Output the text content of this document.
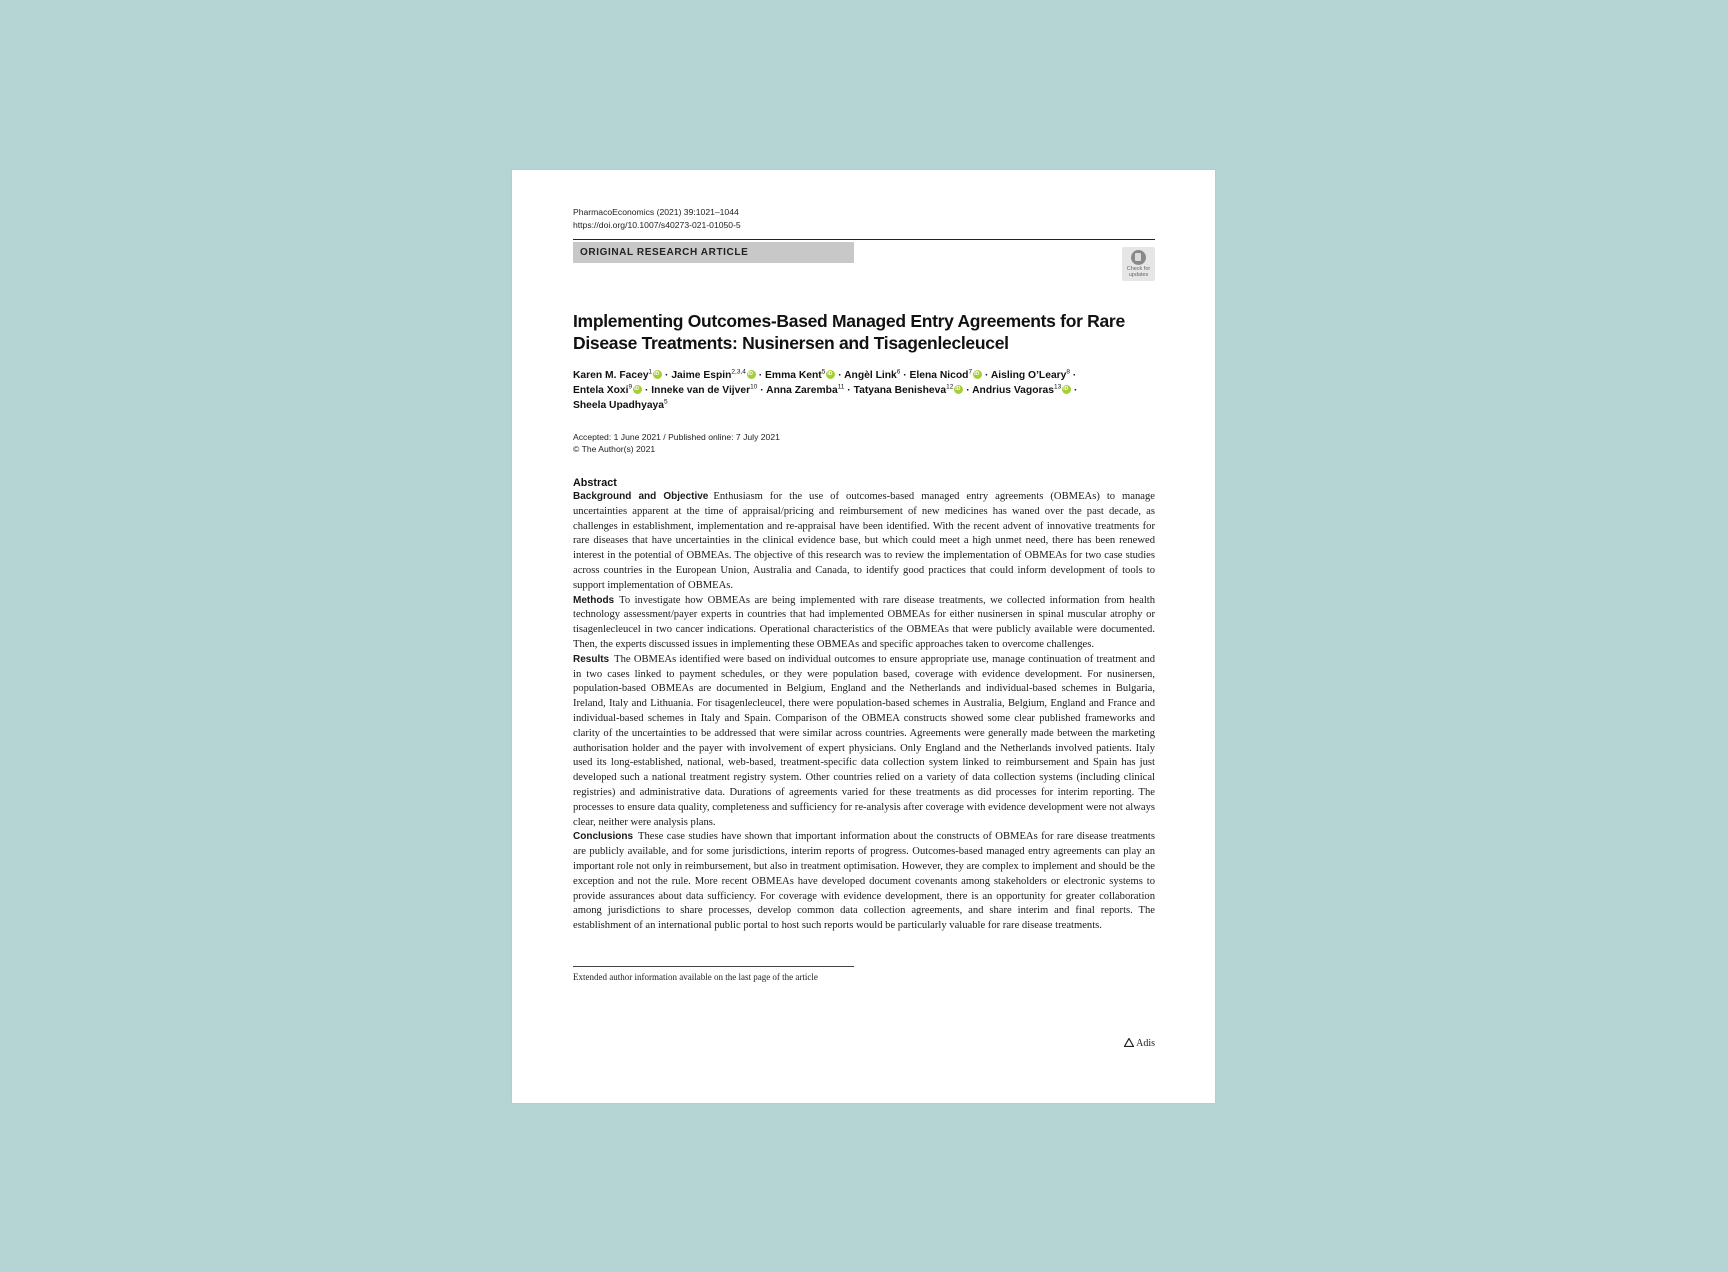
PharmacoEconomics (2021) 39:1021–1044
https://doi.org/10.1007/s40273-021-01050-5
ORIGINAL RESEARCH ARTICLE
Check for
updates
Implementing Outcomes-Based Managed Entry Agreements for Rare Disease Treatments: Nusinersen and Tisagenlecleucel
Karen M. Facey$^1$iD · Jaime Espin$^{2,3,4}$iD · Emma Kent$^5$iD · Angèl Link$^6$ · Elena Nicod$^7$iD · Aisling O’Leary$^8$ ·
Entela Xoxi$^9$iD · Inneke van de Vijver$^{10}$ · Anna Zaremba$^{11}$ · Tatyana Benisheva$^{12}$iD · Andrius Vagoras$^{13}$iD ·
Sheela Upadhyaya$^5$
Accepted: 1 June 2021 / Published online: 7 July 2021
© The Author(s) 2021
Abstract
Background and Objective Enthusiasm for the use of outcomes-based managed entry agreements (OBMEAs) to manage uncertainties apparent at the time of appraisal/pricing and reimbursement of new medicines has waned over the past decade, as challenges in establishment, implementation and re-appraisal have been identified. With the recent advent of innovative treatments for rare diseases that have uncertainties in the clinical evidence base, but which could meet a high unmet need, there has been renewed interest in the potential of OBMEAs. The objective of this research was to review the implementation of OBMEAs for two case studies across countries in the European Union, Australia and Canada, to identify good practices that could inform development of tools to support implementation of OBMEAs.
Methods To investigate how OBMEAs are being implemented with rare disease treatments, we collected information from health technology assessment/payer experts in countries that had implemented OBMEAs for either nusinersen in spinal muscular atrophy or tisagenlecleucel in two cancer indications. Operational characteristics of the OBMEAs that were publicly available were documented. Then, the experts discussed issues in implementing these OBMEAs and specific approaches taken to overcome challenges.
Results The OBMEAs identified were based on individual outcomes to ensure appropriate use, manage continuation of treatment and in two cases linked to payment schedules, or they were population based, coverage with evidence development. For nusinersen, population-based OBMEAs are documented in Belgium, England and the Netherlands and individual-based schemes in Bulgaria, Ireland, Italy and Lithuania. For tisagenlecleucel, there were population-based schemes in Australia, Belgium, England and France and individual-based schemes in Italy and Spain. Comparison of the OBMEA constructs showed some clear published frameworks and clarity of the uncertainties to be addressed that were similar across countries. Agreements were generally made between the marketing authorisation holder and the payer with involvement of expert physicians. Only England and the Netherlands involved patients. Italy used its long-established, national, web-based, treatment-specific data collection system linked to reimbursement and Spain has just developed such a national treatment registry system. Other countries relied on a variety of data collection systems (including clinical registries) and administrative data. Durations of agreements varied for these treatments as did processes for interim reporting. The processes to ensure data quality, completeness and sufficiency for re-analysis after coverage with evidence development were not always clear, neither were analysis plans.
Conclusions These case studies have shown that important information about the constructs of OBMEAs for rare disease treatments are publicly available, and for some jurisdictions, interim reports of progress. Outcomes-based managed entry agreements can play an important role not only in reimbursement, but also in treatment optimisation. However, they are complex to implement and should be the exception and not the rule. More recent OBMEAs have developed document covenants among stakeholders or electronic systems to provide assurances about data sufficiency. For coverage with evidence development, there is an opportunity for greater collaboration among jurisdictions to share processes, develop common data collection agreements, and share interim and final reports. The establishment of an international public portal to host such reports would be particularly valuable for rare disease treatments.
Extended author information available on the last page of the article
Adis
